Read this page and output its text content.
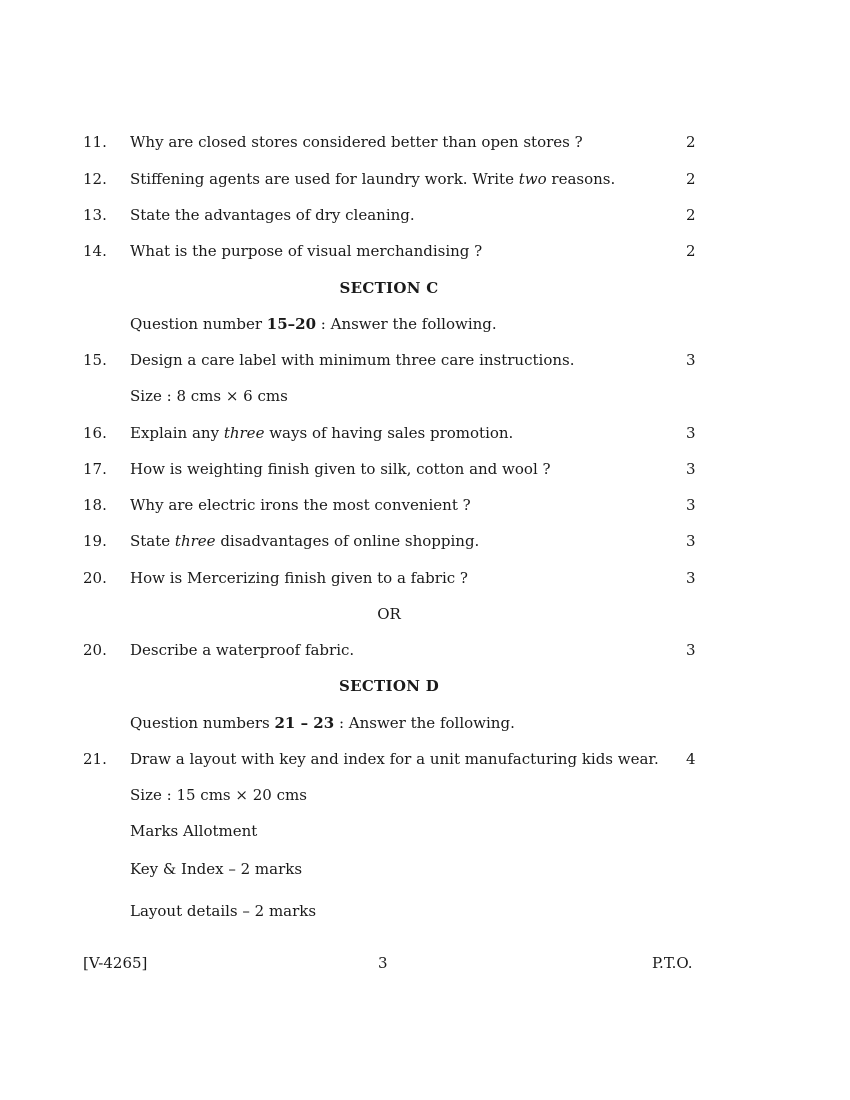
11. Why are closed stores considered better than open stores ?	2
12. Stiffening agents are used for laundry work. Write two reasons.	2
13. State the advantages of dry cleaning.	2
14. What is the purpose of visual merchandising ?	2
SECTION C
Question number 15–20 : Answer the following.
15. Design a care label with minimum three care instructions.	3
Size : 8 cms × 6 cms
16. Explain any three ways of having sales promotion.	3
17. How is weighting finish given to silk, cotton and wool ?	3
18. Why are electric irons the most convenient ?	3
19. State three disadvantages of online shopping.	3
20. How is Mercerizing finish given to a fabric ?	3
OR
20. Describe a waterproof fabric.	3
SECTION D
Question numbers 21 – 23 : Answer the following.
21. Draw a layout with key and index for a unit manufacturing kids wear. 4
Size : 15 cms × 20 cms
Marks Allotment
Key & Index – 2 marks
Layout details – 2 marks
[V-4265]	3	P.T.O.
